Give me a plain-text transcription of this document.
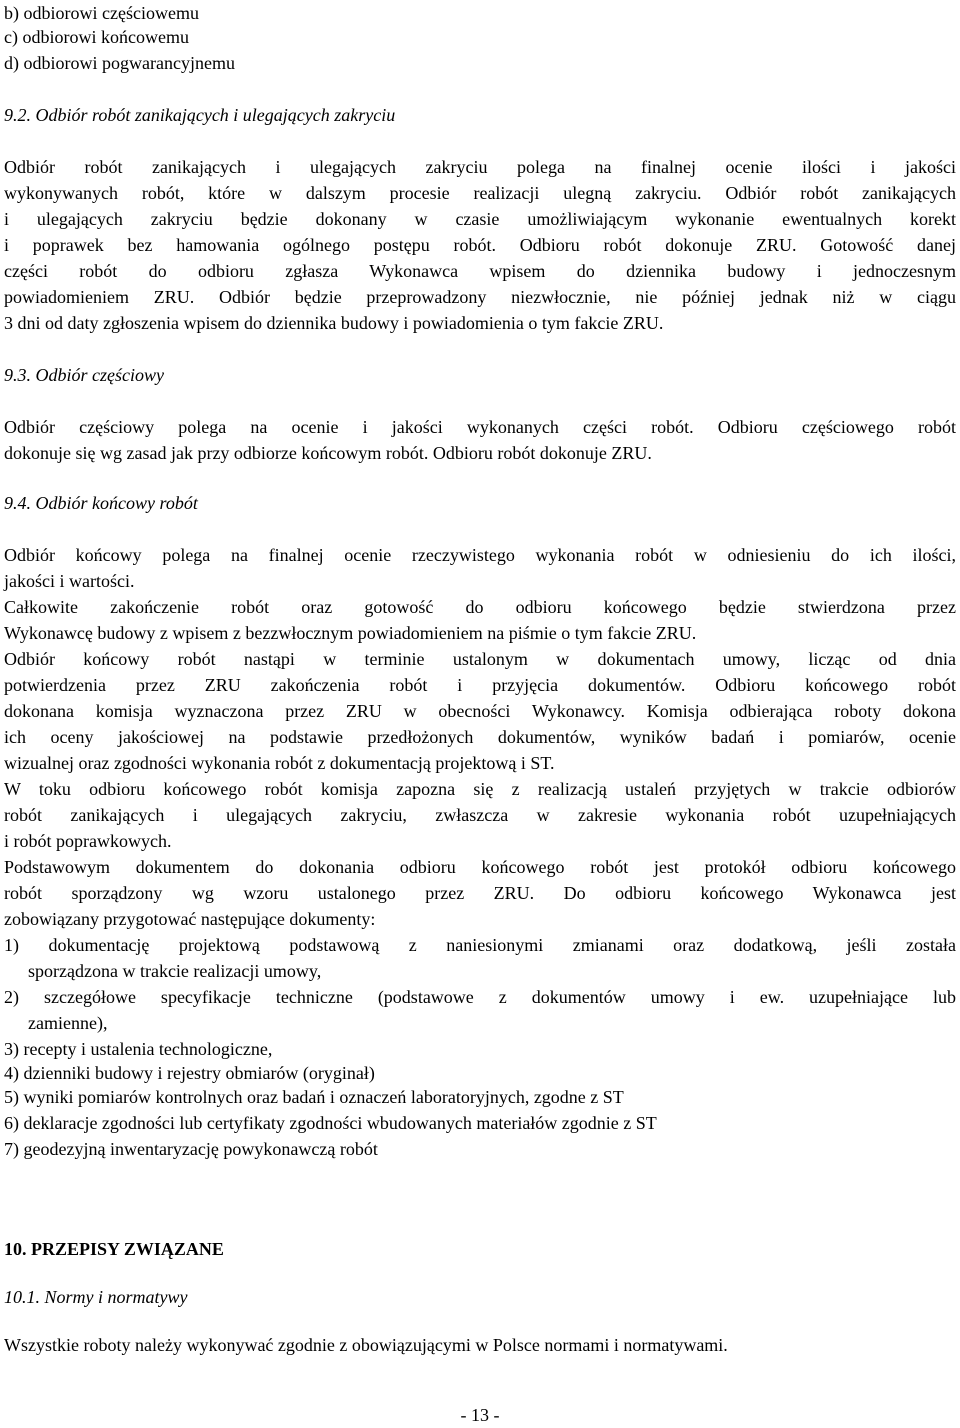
b) odbiorowi częściowemu
c) odbiorowi końcowemu
d) odbiorowi pogwarancyjnemu
9.2. Odbiór robót zanikających i ulegających zakryciu
Odbiór robót zanikających i ulegających zakryciu polega na finalnej ocenie ilości i jakości
wykonywanych robót, które w dalszym procesie realizacji ulegną zakryciu. Odbiór robót zanikających
i ulegających zakryciu będzie dokonany w czasie umożliwiającym wykonanie ewentualnych korekt
i poprawek bez hamowania ogólnego postępu robót. Odbioru robót dokonuje ZRU. Gotowość danej
części robót do odbioru zgłasza Wykonawca wpisem do dziennika budowy i jednoczesnym
powiadomieniem ZRU. Odbiór będzie przeprowadzony niezwłocznie, nie później jednak niż w ciągu
3 dni od daty zgłoszenia wpisem do dziennika budowy i powiadomienia o tym fakcie ZRU.
9.3. Odbiór częściowy
Odbiór częściowy polega na ocenie i jakości wykonanych części robót. Odbioru częściowego robót
dokonuje się wg zasad jak przy odbiorze końcowym robót. Odbioru robót dokonuje ZRU.
9.4. Odbiór końcowy robót
Odbiór końcowy polega na finalnej ocenie rzeczywistego wykonania robót w odniesieniu do ich ilości,
jakości i wartości.
Całkowite zakończenie robót oraz gotowość do odbioru końcowego będzie stwierdzona przez
Wykonawcę budowy z wpisem z bezzwłocznym powiadomieniem na piśmie o tym fakcie ZRU.
Odbiór końcowy robót nastąpi w terminie ustalonym w dokumentach umowy, licząc od dnia
potwierdzenia przez ZRU zakończenia robót i przyjęcia dokumentów. Odbioru końcowego robót
dokonana komisja wyznaczona przez ZRU w obecności Wykonawcy. Komisja odbierająca roboty dokona
ich oceny jakościowej na podstawie przedłożonych dokumentów, wyników badań i pomiarów, ocenie
wizualnej oraz zgodności wykonania robót z dokumentacją projektową i ST.
W toku odbioru końcowego robót komisja zapozna się z realizacją ustaleń przyjętych w trakcie odbiorów
robót zanikających i ulegających zakryciu, zwłaszcza w zakresie wykonania robót uzupełniających
i robót poprawkowych.
Podstawowym dokumentem do dokonania odbioru końcowego robót jest protokół odbioru końcowego
robót sporządzony wg wzoru ustalonego przez ZRU. Do odbioru końcowego Wykonawca jest
zobowiązany przygotować następujące dokumenty:
1) dokumentację projektową podstawową z naniesionymi zmianami oraz dodatkową, jeśli została
sporządzona w trakcie realizacji umowy,
2) szczegółowe specyfikacje techniczne (podstawowe z dokumentów umowy i ew. uzupełniające lub
zamienne),
3) recepty i ustalenia technologiczne,
4) dzienniki budowy i rejestry obmiarów (oryginał)
5) wyniki pomiarów kontrolnych oraz badań i oznaczeń laboratoryjnych, zgodne z ST
6) deklaracje zgodności lub certyfikaty zgodności wbudowanych materiałów zgodnie z ST
7) geodezyjną inwentaryzację powykonawczą robót
10. PRZEPISY ZWIĄZANE
10.1. Normy i normatywy
Wszystkie roboty należy wykonywać zgodnie z obowiązującymi w Polsce normami i normatywami.
- 13 -
